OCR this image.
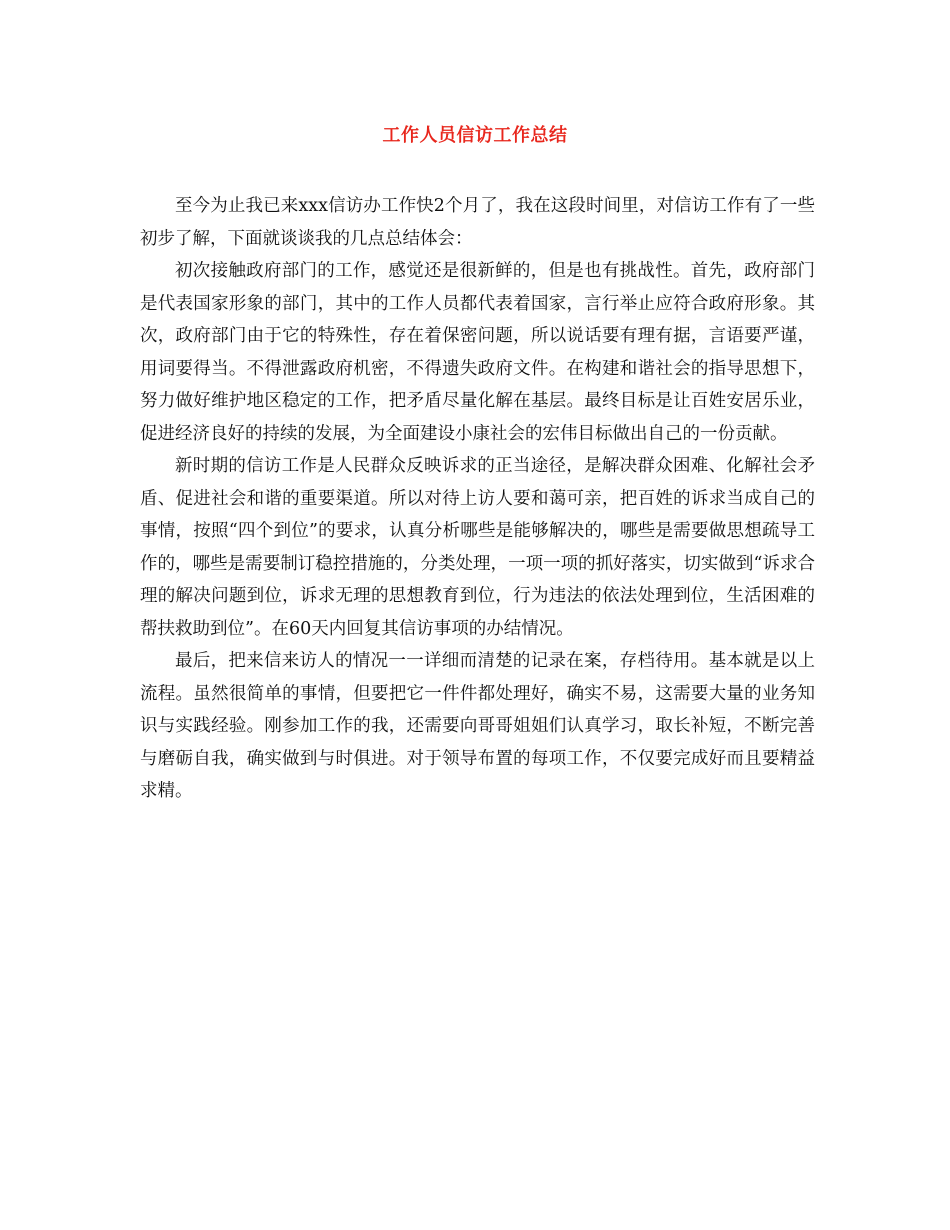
工作人员信访工作总结

至今为止我已来xxx信访办工作快2个月了，我在这段时间里，对信访工作有了一些初步了解，下面就谈谈我的几点总结体会：

初次接触政府部门的工作，感觉还是很新鲜的，但是也有挑战性。首先，政府部门是代表国家形象的部门，其中的工作人员都代表着国家，言行举止应符合政府形象。其次，政府部门由于它的特殊性，存在着保密问题，所以说话要有理有据，言语要严谨，用词要得当。不得泄露政府机密，不得遗失政府文件。在构建和谐社会的指导思想下，努力做好维护地区稳定的工作，把矛盾尽量化解在基层。最终目标是让百姓安居乐业，促进经济良好的持续的发展，为全面建设小康社会的宏伟目标做出自己的一份贡献。

新时期的信访工作是人民群众反映诉求的正当途径，是解决群众困难、化解社会矛盾、促进社会和谐的重要渠道。所以对待上访人要和蔼可亲，把百姓的诉求当成自己的事情，按照“四个到位”的要求，认真分析哪些是能够解决的，哪些是需要做思想疏导工作的，哪些是需要制订稳控措施的，分类处理，一项一项的抓好落实，切实做到“诉求合理的解决问题到位，诉求无理的思想教育到位，行为违法的依法处理到位，生活困难的帮扶救助到位”。在60天内回复其信访事项的办结情况。

最后，把来信来访人的情况一一详细而清楚的记录在案，存档待用。基本就是以上流程。虽然很简单的事情，但要把它一件件都处理好，确实不易，这需要大量的业务知识与实践经验。刚参加工作的我，还需要向哥哥姐姐们认真学习，取长补短，不断完善与磨砺自我，确实做到与时俱进。对于领导布置的每项工作，不仅要完成好而且要精益求精。
